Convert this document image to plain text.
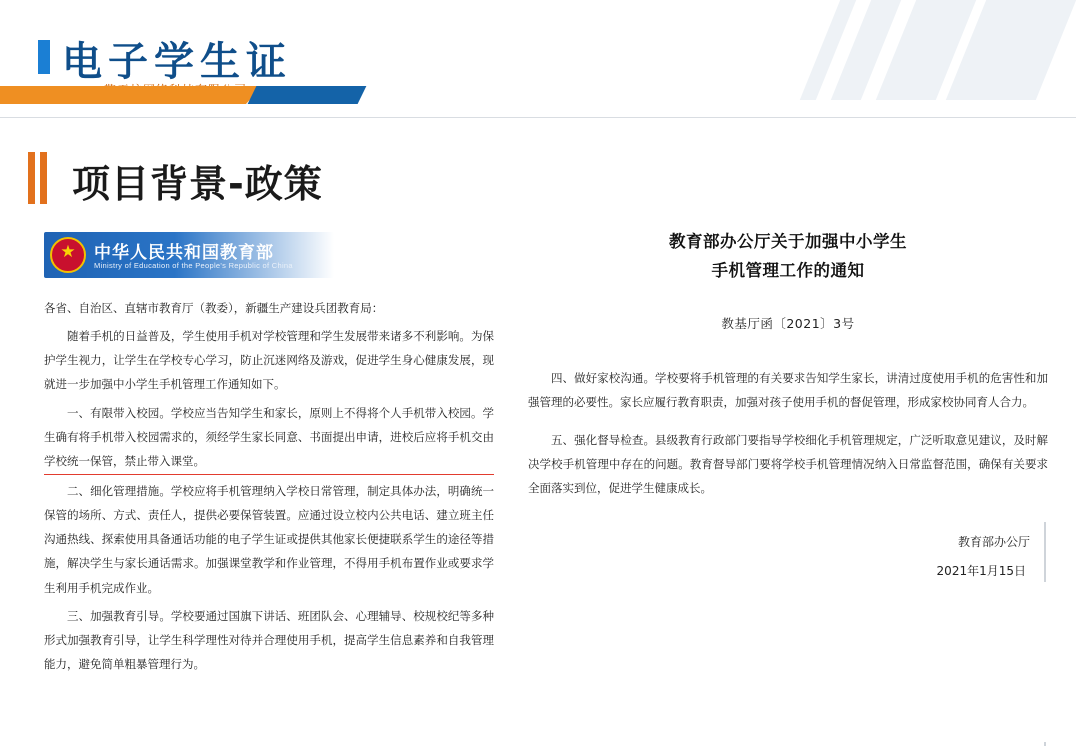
电子学生证
项目背景-政策
★
中华人民共和国教育部
Ministry of Education of the People's Republic of China

各省、自治区、直辖市教育厅（教委），新疆生产建设兵团教育局：

随着手机的日益普及，学生使用手机对学校管理和学生发展带来诸多不利影响。为保护学生视力，让学生在学校专心学习，防止沉迷网络及游戏，促进学生身心健康发展，现就进一步加强中小学生手机管理工作通知如下。

一、有限带入校园。学校应当告知学生和家长，原则上不得将个人手机带入校园。学生确有将手机带入校园需求的，须经学生家长同意、书面提出申请，进校后应将手机交由学校统一保管，禁止带入课堂。

二、细化管理措施。学校应将手机管理纳入学校日常管理，制定具体办法，明确统一保管的场所、方式、责任人，提供必要保管装置。应通过设立校内公共电话、建立班主任沟通热线、探索使用具备通话功能的电子学生证或提供其他家长便捷联系学生的途径等措施，解决学生与家长通话需求。加强课堂教学和作业管理，不得用手机布置作业或要求学生利用手机完成作业。

三、加强教育引导。学校要通过国旗下讲话、班团队会、心理辅导、校规校纪等多种形式加强教育引导，让学生科学理性对待并合理使用手机，提高学生信息素养和自我管理能力，避免简单粗暴管理行为。

教育部办公厅关于加强中小学生
手机管理工作的通知
教基厅函〔2021〕3号

四、做好家校沟通。学校要将手机管理的有关要求告知学生家长，讲清过度使用手机的危害性和加强管理的必要性。家长应履行教育职责，加强对孩子使用手机的督促管理，形成家校协同育人合力。

五、强化督导检查。县级教育行政部门要指导学校细化手机管理规定，广泛听取意见建议，及时解决学校手机管理中存在的问题。教育督导部门要将学校手机管理情况纳入日常监督范围，确保有关要求全面落实到位，促进学生健康成长。

教育部办公厅
2021年1月15日
